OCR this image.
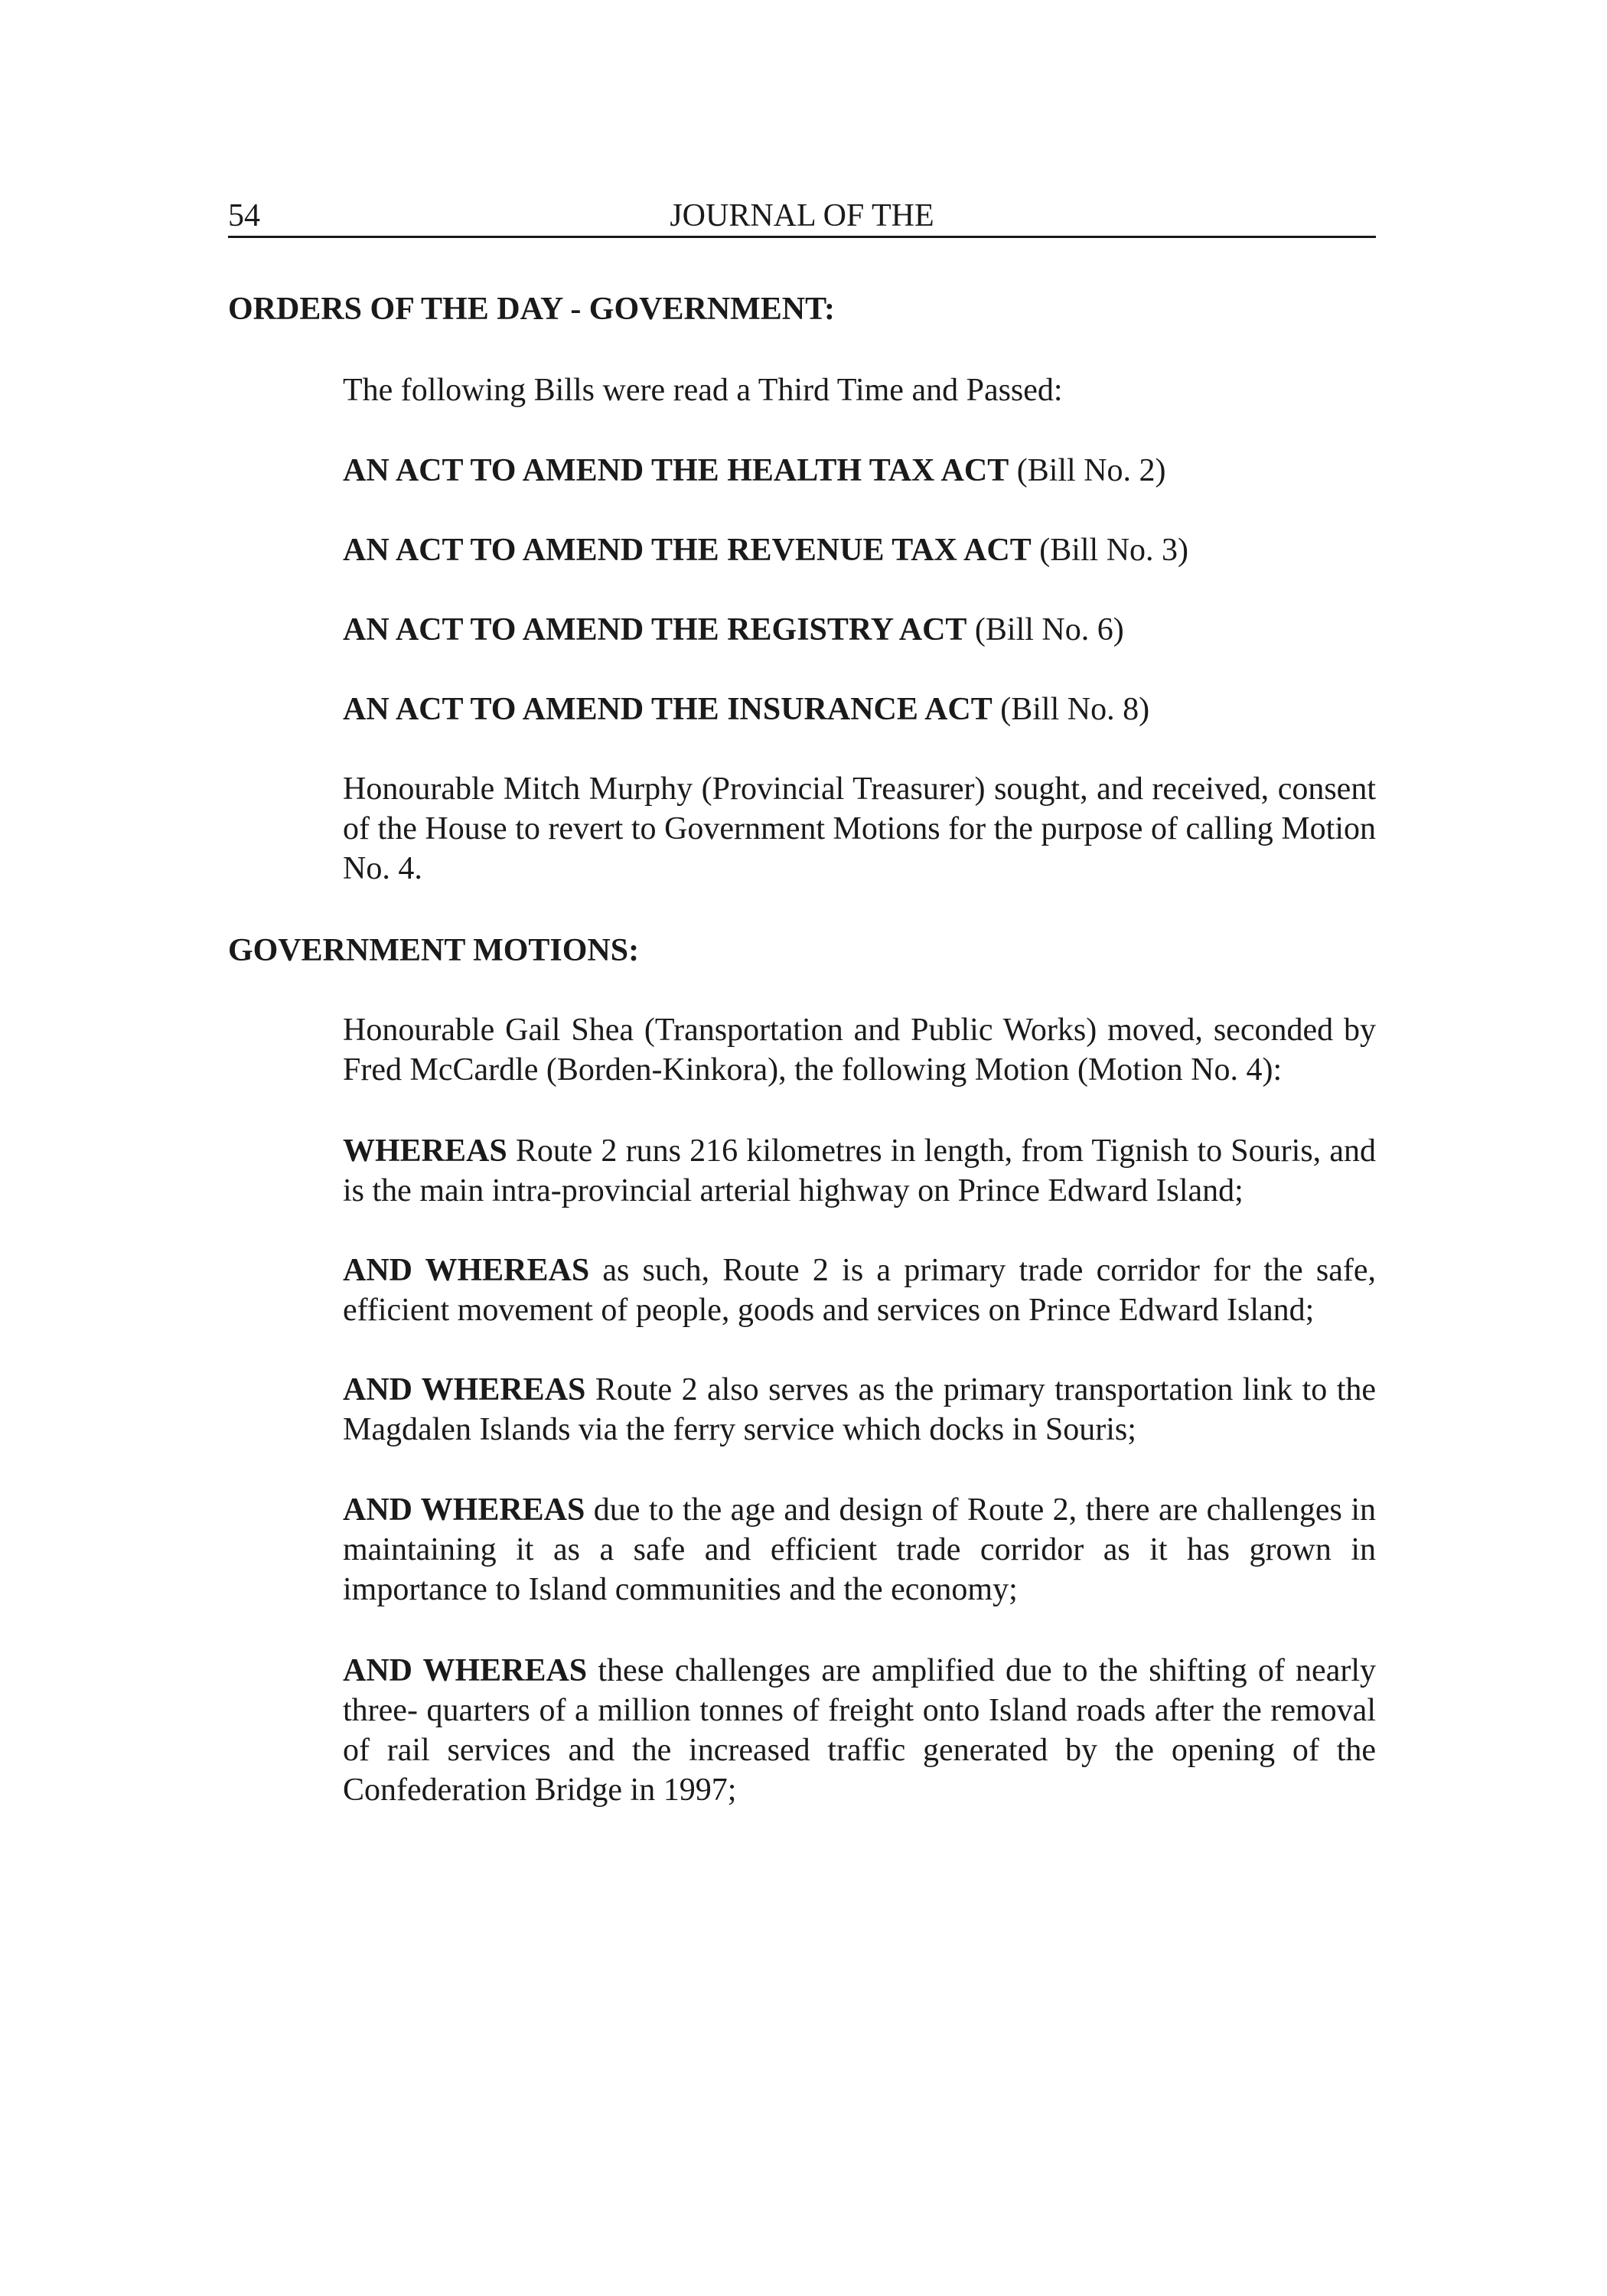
54	JOURNAL OF THE
ORDERS OF THE DAY - GOVERNMENT:
The following Bills were read a Third Time and Passed:
AN ACT TO AMEND THE HEALTH TAX ACT (Bill No. 2)
AN ACT TO AMEND THE REVENUE TAX ACT (Bill No. 3)
AN ACT TO AMEND THE REGISTRY ACT (Bill No. 6)
AN ACT TO AMEND THE INSURANCE ACT (Bill No. 8)
Honourable Mitch Murphy (Provincial Treasurer) sought, and received, consent of the House to revert to Government Motions for the purpose of calling Motion No. 4.
GOVERNMENT MOTIONS:
Honourable Gail Shea (Transportation and Public Works) moved, seconded by Fred McCardle (Borden-Kinkora), the following Motion (Motion No. 4):
WHEREAS Route 2 runs 216 kilometres in length, from Tignish to Souris, and is the main intra-provincial arterial highway on Prince Edward Island;
AND WHEREAS as such, Route 2 is a primary trade corridor for the safe, efficient movement of people, goods and services on Prince Edward Island;
AND WHEREAS Route 2 also serves as the primary transportation link to the Magdalen Islands via the ferry service which docks in Souris;
AND WHEREAS due to the age and design of Route 2, there are challenges in maintaining it as a safe and efficient trade corridor as it has grown in importance to Island communities and the economy;
AND WHEREAS these challenges are amplified due to the shifting of nearly three- quarters of a million tonnes of freight onto Island roads after the removal of rail services and the increased traffic generated by the opening of the Confederation Bridge in 1997;
